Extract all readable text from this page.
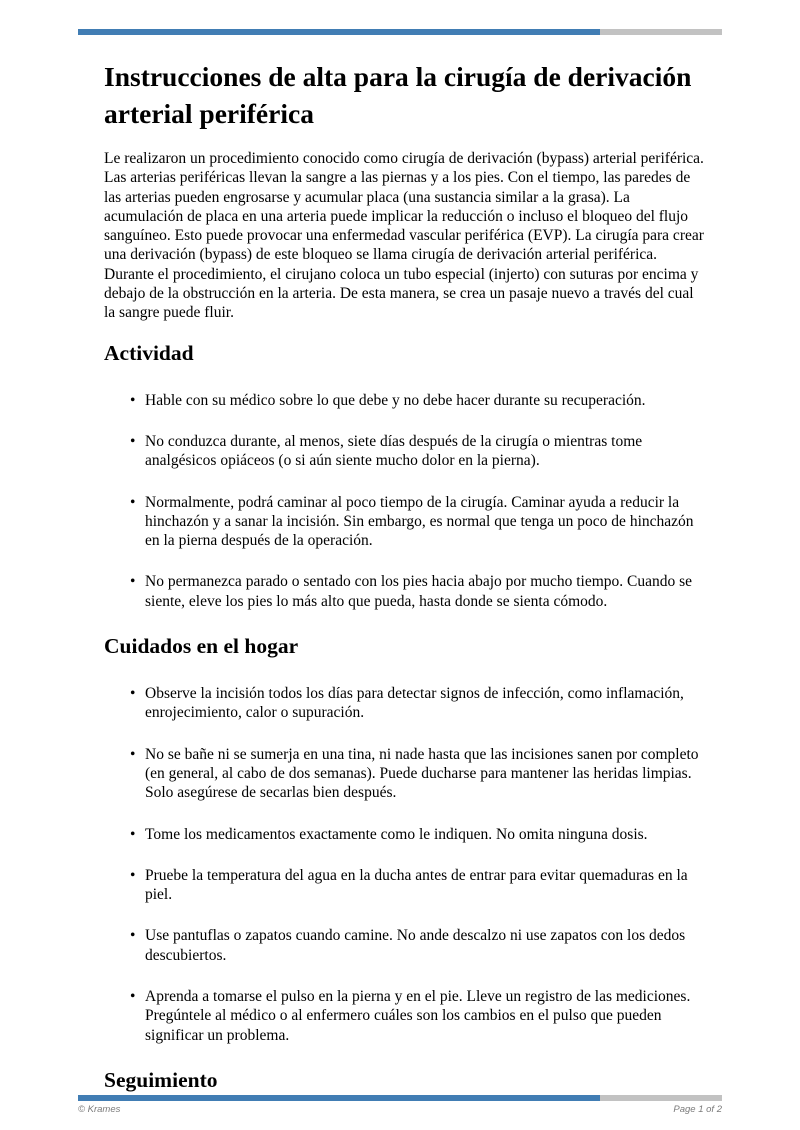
Instrucciones de alta para la cirugía de derivación arterial periférica

Le realizaron un procedimiento conocido como cirugía de derivación (bypass) arterial periférica. Las arterias periféricas llevan la sangre a las piernas y a los pies. Con el tiempo, las paredes de las arterias pueden engrosarse y acumular placa (una sustancia similar a la grasa). La acumulación de placa en una arteria puede implicar la reducción o incluso el bloqueo del flujo sanguíneo. Esto puede provocar una enfermedad vascular periférica (EVP). La cirugía para crear una derivación (bypass) de este bloqueo se llama cirugía de derivación arterial periférica. Durante el procedimiento, el cirujano coloca un tubo especial (injerto) con suturas por encima y debajo de la obstrucción en la arteria. De esta manera, se crea un pasaje nuevo a través del cual la sangre puede fluir.

Actividad
• Hable con su médico sobre lo que debe y no debe hacer durante su recuperación.
• No conduzca durante, al menos, siete días después de la cirugía o mientras tome analgésicos opiáceos (o si aún siente mucho dolor en la pierna).
• Normalmente, podrá caminar al poco tiempo de la cirugía. Caminar ayuda a reducir la hinchazón y a sanar la incisión. Sin embargo, es normal que tenga un poco de hinchazón en la pierna después de la operación.
• No permanezca parado o sentado con los pies hacia abajo por mucho tiempo. Cuando se siente, eleve los pies lo más alto que pueda, hasta donde se sienta cómodo.
Cuidados en el hogar
• Observe la incisión todos los días para detectar signos de infección, como inflamación, enrojecimiento, calor o supuración.
• No se bañe ni se sumerja en una tina, ni nade hasta que las incisiones sanen por completo (en general, al cabo de dos semanas). Puede ducharse para mantener las heridas limpias. Solo asegúrese de secarlas bien después.
• Tome los medicamentos exactamente como le indiquen. No omita ninguna dosis.
• Pruebe la temperatura del agua en la ducha antes de entrar para evitar quemaduras en la piel.
• Use pantuflas o zapatos cuando camine. No ande descalzo ni use zapatos con los dedos descubiertos.
• Aprenda a tomarse el pulso en la pierna y en el pie. Lleve un registro de las mediciones. Pregúntele al médico o al enfermero cuáles son los cambios en el pulso que pueden significar un problema.
Seguimiento
© Krames	Page 1 of 2
